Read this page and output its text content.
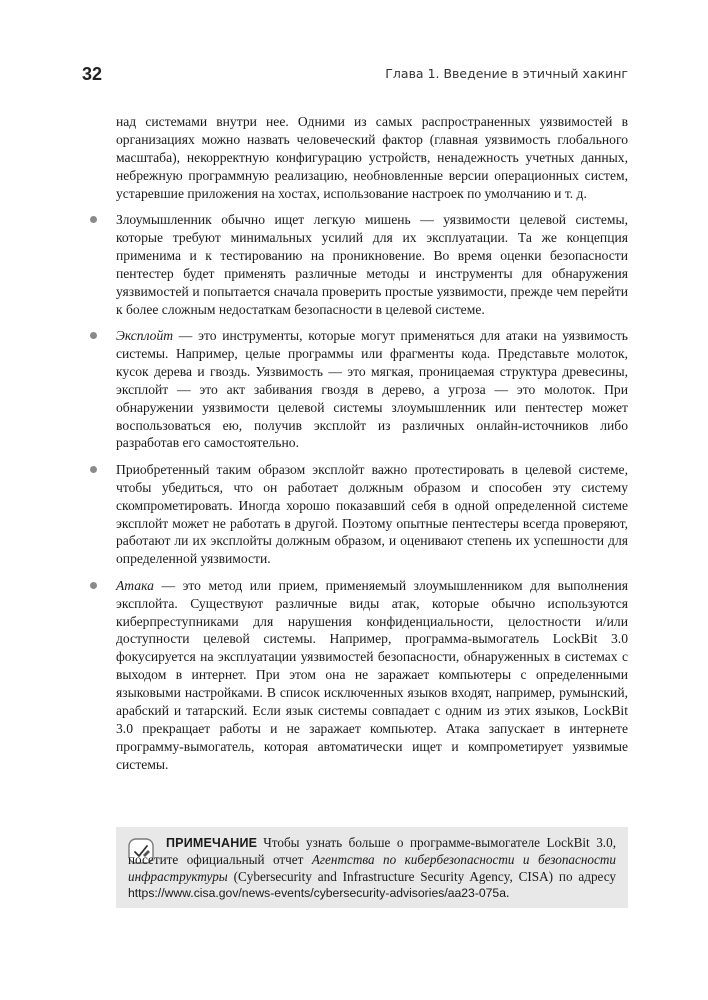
32	Глава 1. Введение в этичный хакинг

над системами внутри нее. Одними из самых распространенных уязвимостей в организациях можно назвать человеческий фактор (главная уязвимость глобального масштаба), некорректную конфигурацию устройств, ненадежность учетных данных, небрежную программную реализацию, необновленные версии операционных систем, устаревшие приложения на хостах, использование настроек по умолчанию и т. д.

Злоумышленник обычно ищет легкую мишень — уязвимости целевой системы, которые требуют минимальных усилий для их эксплуатации. Та же концепция применима и к тестированию на проникновение. Во время оценки безопасности пентестер будет применять различные методы и инструменты для обнаружения уязвимостей и попытается сначала проверить простые уязвимости, прежде чем перейти к более сложным недостаткам безопасности в целевой системе.
Эксплойт — это инструменты, которые могут применяться для атаки на уязвимость системы. Например, целые программы или фрагменты кода. Представьте молоток, кусок дерева и гвоздь. Уязвимость — это мягкая, проницаемая структура древесины, эксплойт — это акт забивания гвоздя в дерево, а угроза — это молоток. При обнаружении уязвимости целевой системы злоумышленник или пентестер может воспользоваться ею, получив эксплойт из различных онлайн-источников либо разработав его самостоятельно.
Приобретенный таким образом эксплойт важно протестировать в целевой системе, чтобы убедиться, что он работает должным образом и способен эту систему скомпрометировать. Иногда хорошо показавший себя в одной определенной системе эксплойт может не работать в другой. Поэтому опытные пентестеры всегда проверяют, работают ли их эксплойты должным образом, и оценивают степень их успешности для определенной уязвимости.
Атака — это метод или прием, применяемый злоумышленником для выполнения эксплойта. Существуют различные виды атак, которые обычно используются киберпреступниками для нарушения конфиденциальности, целостности и/или доступности целевой системы. Например, программа-вымогатель LockBit 3.0 фокусируется на эксплуатации уязвимостей безопасности, обнаруженных в системах с выходом в интернет. При этом она не заражает компьютеры с определенными языковыми настройками. В список исключенных языков входят, например, румынский, арабский и татарский. Если язык системы совпадает с одним из этих языков, LockBit 3.0 прекращает работы и не заражает компьютер. Атака запускает в интернете программу-вымогатель, которая автоматически ищет и компрометирует уязвимые системы.
ПРИМЕЧАНИЕ Чтобы узнать больше о программе-вымогателе LockBit 3.0, посетите официальный отчет Агентства по кибербезопасности и безопасности инфраструктуры (Cybersecurity and Infrastructure Security Agency, CISA) по адресу https://www.cisa.gov/news-events/cybersecurity-advisories/aa23-075a.
